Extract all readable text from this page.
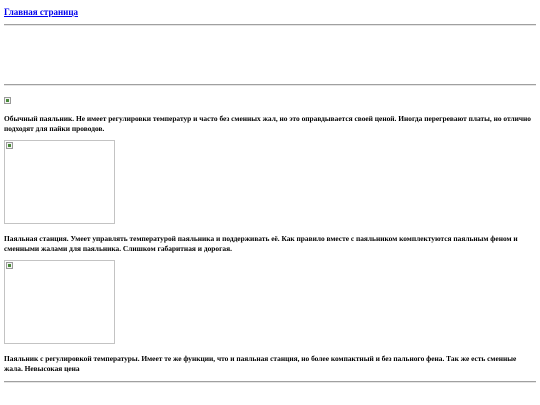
Главная страница

Обычный паяльник. Не имеет регулировки температур и часто без сменных жал, но это оправдывается своей ценой. Иногда перегревают платы, но отлично подходят для пайки проводов.

Паяльная станция. Умеет управлять температурой паяльника и поддерживать её. Как правило вместе с паяльником комплектуются паяльным феном и сменными жалами для паяльника. Слишком габаритная и дорогая.

Паяльник с регулировкой температуры. Имеет те же функции, что и паяльная станция, но более компактный и без пального фена. Так же есть сменные жала. Невысокая цена
